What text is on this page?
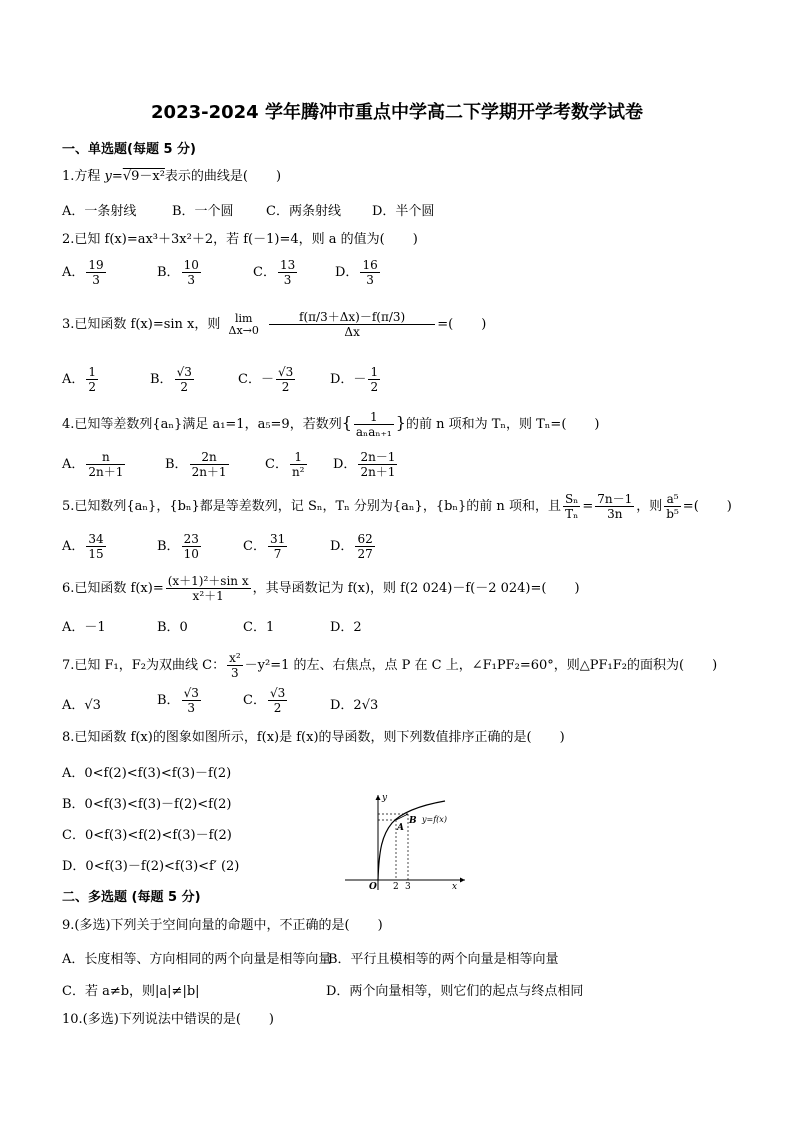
2023-2024 学年腾冲市重点中学高二下学期开学考数学试卷
一、单选题(每题 5 分)
1.方程 y=√9－x²表示的曲线是( )
A．一条射线	B．一个圆 C．两条射线 D．半个圆
2.已知 f(x)=ax³＋3x²＋2，若 f(－1)=4，则 a 的值为( )
A． $\frac{19}{3}$	B． $\frac{10}{3}$	C． $\frac{13}{3}$	D． $\frac{16}{3}$
3.已知函数 f(x)=sin x，则	lim
Δx→0
$\frac{f(\pi/3+\Delta x)-f(\pi/3)}{\Delta x}$ =( )
A． $\frac{1}{2}$	B． $\frac{√3}{2}$	C．－ $\frac{√3}{2}$	D．－ $\frac{1}{2}$
4.已知等差数列{aₙ}满足 a₁=1，a₅=9，若数列{ $\frac{1}{\text{aₙaₙ₊₁}}$ }的前 n 项和为 Tₙ，则 Tₙ=( )
A． $\frac{n}{2n+1}$	B． $\frac{2n}{2n+1}$	C． $\frac{1}{\text{n²}}$ D． $\frac{2n-1}{2n+1}$
5.已知数列{aₙ}，{bₙ}都是等差数列，记 Sₙ，Tₙ 分别为{aₙ}，{bₙ}的前 n 项和，且 $\frac{\text{Sₙ}}{\text{Tₙ}} = \frac{7n-1}{3n}$ ，则 $\frac{\text{a⁵}}{\text{b⁵}}$ =( )
A． $\frac{34}{15}$	B． $\frac{23}{10}$	C． $\frac{31}{7}$	D． $\frac{62}{27}$
6.已知函数 $f(x)= \frac{\text{(x＋1)²＋sin x}}{\text{x²＋1}}$ ，其导函数记为 f(x)，则 f(2 024)－f(－2 024)=( )
A．－1	B．0	C．1	D．2
7.已知 F₁，F₂为双曲线 C： $\frac{\text{x²}}{3} -y^2=1$ 的左、右焦点，点 P 在 C 上，∠F₁PF₂=60°，则△PF₁F₂的面积为( )
A．√3	B． $\frac{√3}{3}$	C． $\frac{√3}{2}$	D．2√3
8.已知函数 f(x)的图象如图所示，f(x)是 f(x)的导函数，则下列数值排序正确的是( )
A．0<f(2)<f(3)<f(3)－f(2)
B．0<f(3)<f(3)－f(2)<f(2)
C．0<f(3)<f(2)<f(3)－f(2)
D．0<f(3)－f(2)<f(3)<f′ (2)
y
x
O 2 3
A
B y=f(x)
二、多选题 (每题 5 分)
9.(多选)下列关于空间向量的命题中，不正确的是( )
A．长度相等、方向相同的两个向量是相等向量
B．平行且模相等的两个向量是相等向量
C．若 a≠b，则|a|≠|b|	D．两个向量相等，则它们的起点与终点相同
10.(多选)下列说法中错误的是( )
